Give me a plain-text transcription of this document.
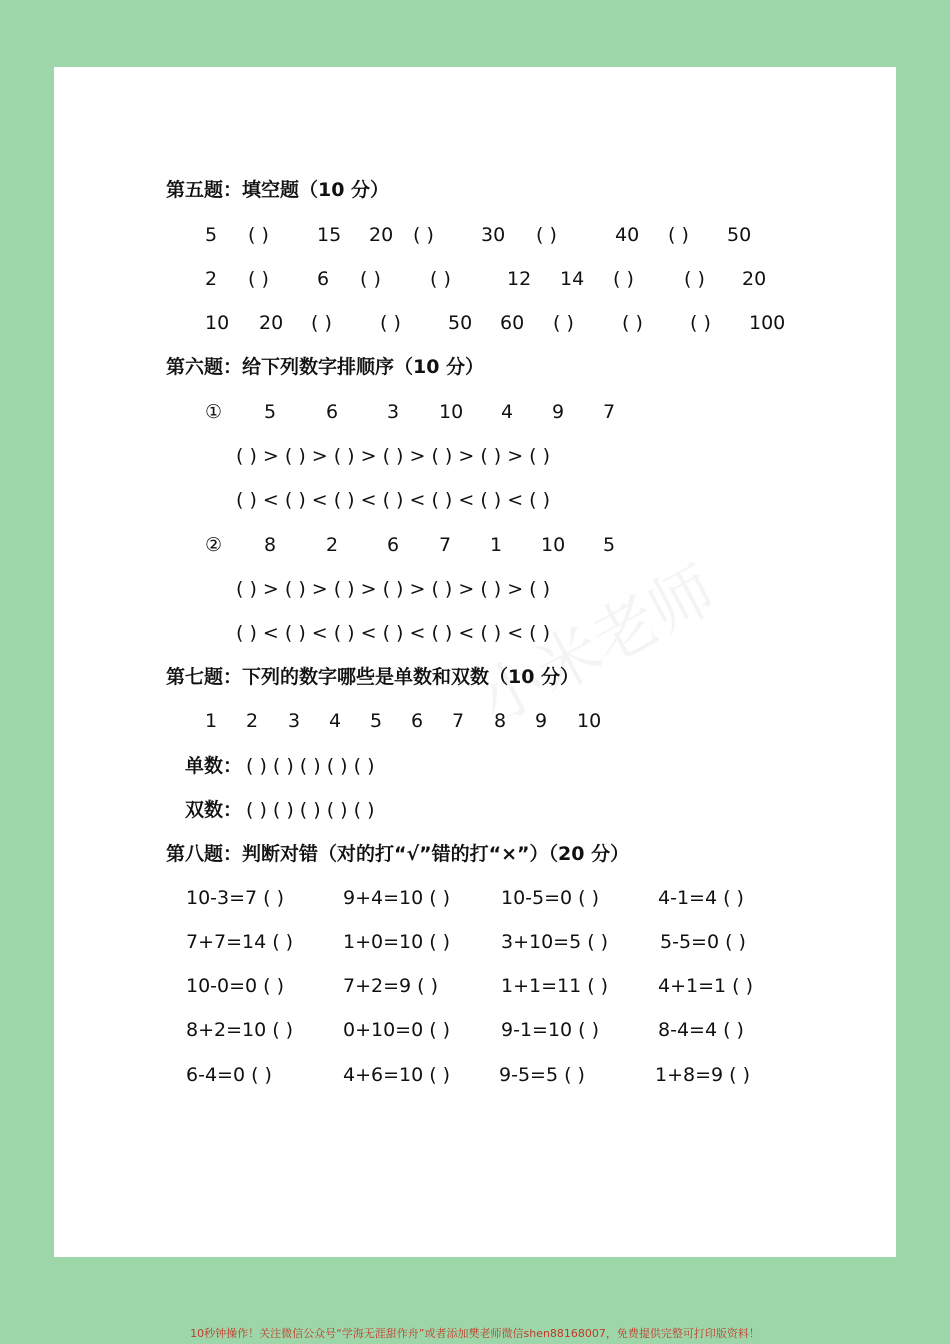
第五题：填空题（10 分）
5 ( )	15 20 ( ) 30 ( )	40 ( ) 50
2 ( )	6 ( )	( )	12 14 ( )	( ) 20
10 20 ( )	( ) 50 60 ( )	( ) ( ) 100
第六题：给下列数字排顺序（10 分）
① 5	6	3 10 4 9 7
( ) > ( ) > ( ) > ( ) > ( ) > ( ) > ( )
( ) < ( ) < ( ) < ( ) < ( ) < ( ) < ( )
② 8	2	6 7 1 10 5
( ) > ( ) > ( ) > ( ) > ( ) > ( ) > ( )
( ) < ( ) < ( ) < ( ) < ( ) < ( ) < ( )
第七题：下列的数字哪些是单数和双数（10 分）
1 2 3 4 5 6 7 8 9 10
单数： ( ) ( ) ( ) ( ) ( )
双数： ( ) ( ) ( ) ( ) ( )
第八题：判断对错（对的打“√”错的打“×”）（20 分）
10-3=7 ( )	9+4=10 ( )	10-5=0 ( )	4-1=4 ( )
7+7=14 ( )	1+0=10 ( )	3+10=5 ( )	5-5=0 ( )
10-0=0 ( )	7+2=9 ( )	1+1=11 ( )	4+1=1 ( )
8+2=10 ( )	0+10=0 ( )	9-1=10 ( )	8-4=4 ( )
6-4=0 ( )	4+6=10 ( )	9-5=5 ( )	1+8=9 ( )
10秒钟操作！关注微信公众号“学海无涯甜作舟”或者添加樊老师微信shen88168007，免费提供完整可打印版资料！
